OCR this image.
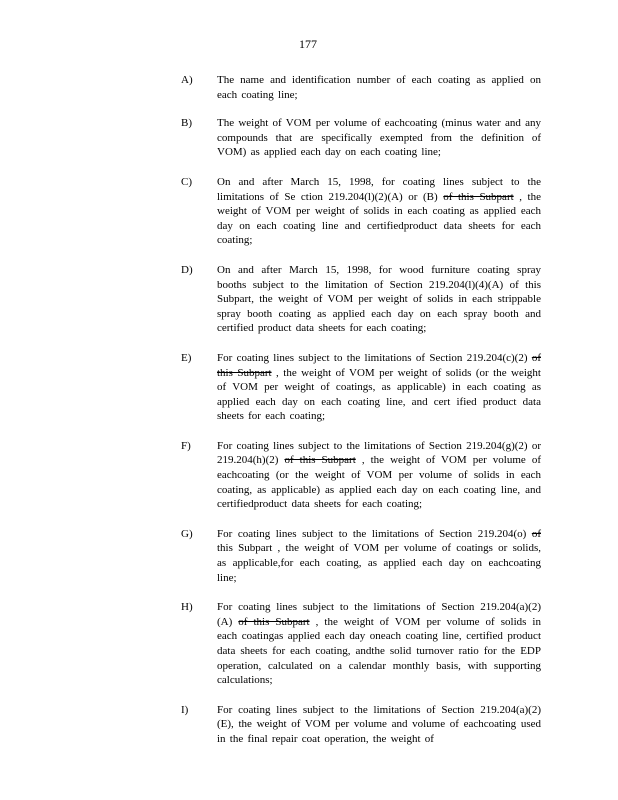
177
A)	The name and identification number of each coating as applied on each coating line;
B)	The weight of VOM per volume of eachcoating (minus water and any compounds that are specifically exempted from the definition of VOM) as applied each day on each coating line;
C)	On and after March 15, 1998, for coating lines subject to the limitations of Se ction 219.204(l)(2)(A) or (B) of this Subpart , the weight of VOM per weight of solids in each coating as applied each day on each coating line and certifiedproduct data sheets for each coating;
D)	On and after March 15, 1998, for wood furniture coating spray booths subject to the limitation of Section 219.204(l)(4)(A) of this Subpart, the weight of VOM per weight of solids in each strippable spray booth coating as applied each day on each spray booth and certified product data sheets for each coating;
E)	For coating lines subject to the limitations of Section 219.204(c)(2) of this Subpart , the weight of VOM per weight of solids (or the weight of VOM per weight of coatings, as applicable) in each coating as applied each day on each coating line, and cert ified product data sheets for each coating;
F)	For coating lines subject to the limitations of Section 219.204(g)(2) or 219.204(h)(2) of this Subpart , the weight of VOM per volume of eachcoating (or the weight of VOM per volume of solids in each coating, as applicable) as applied each day on each coating line, and certifiedproduct data sheets for each coating;
G)	For coating lines subject to the limitations of Section 219.204(o) of this Subpart , the weight of VOM per volume of coatings or solids, as applicable,for each coating, as applied each day on eachcoating line;
H)	For coating lines subject to the limitations of Section 219.204(a)(2)(A) of this Subpart , the weight of VOM per volume of solids in each coatingas applied each day oneach coating line, certified product data sheets for each coating, andthe solid turnover ratio for the EDP operation, calculated on a calendar monthly basis, with supporting calculations;
I)	For coating lines subject to the limitations of Section 219.204(a)(2)(E), the weight of VOM per volume and volume of eachcoating used in the final repair coat operation, the weight of
